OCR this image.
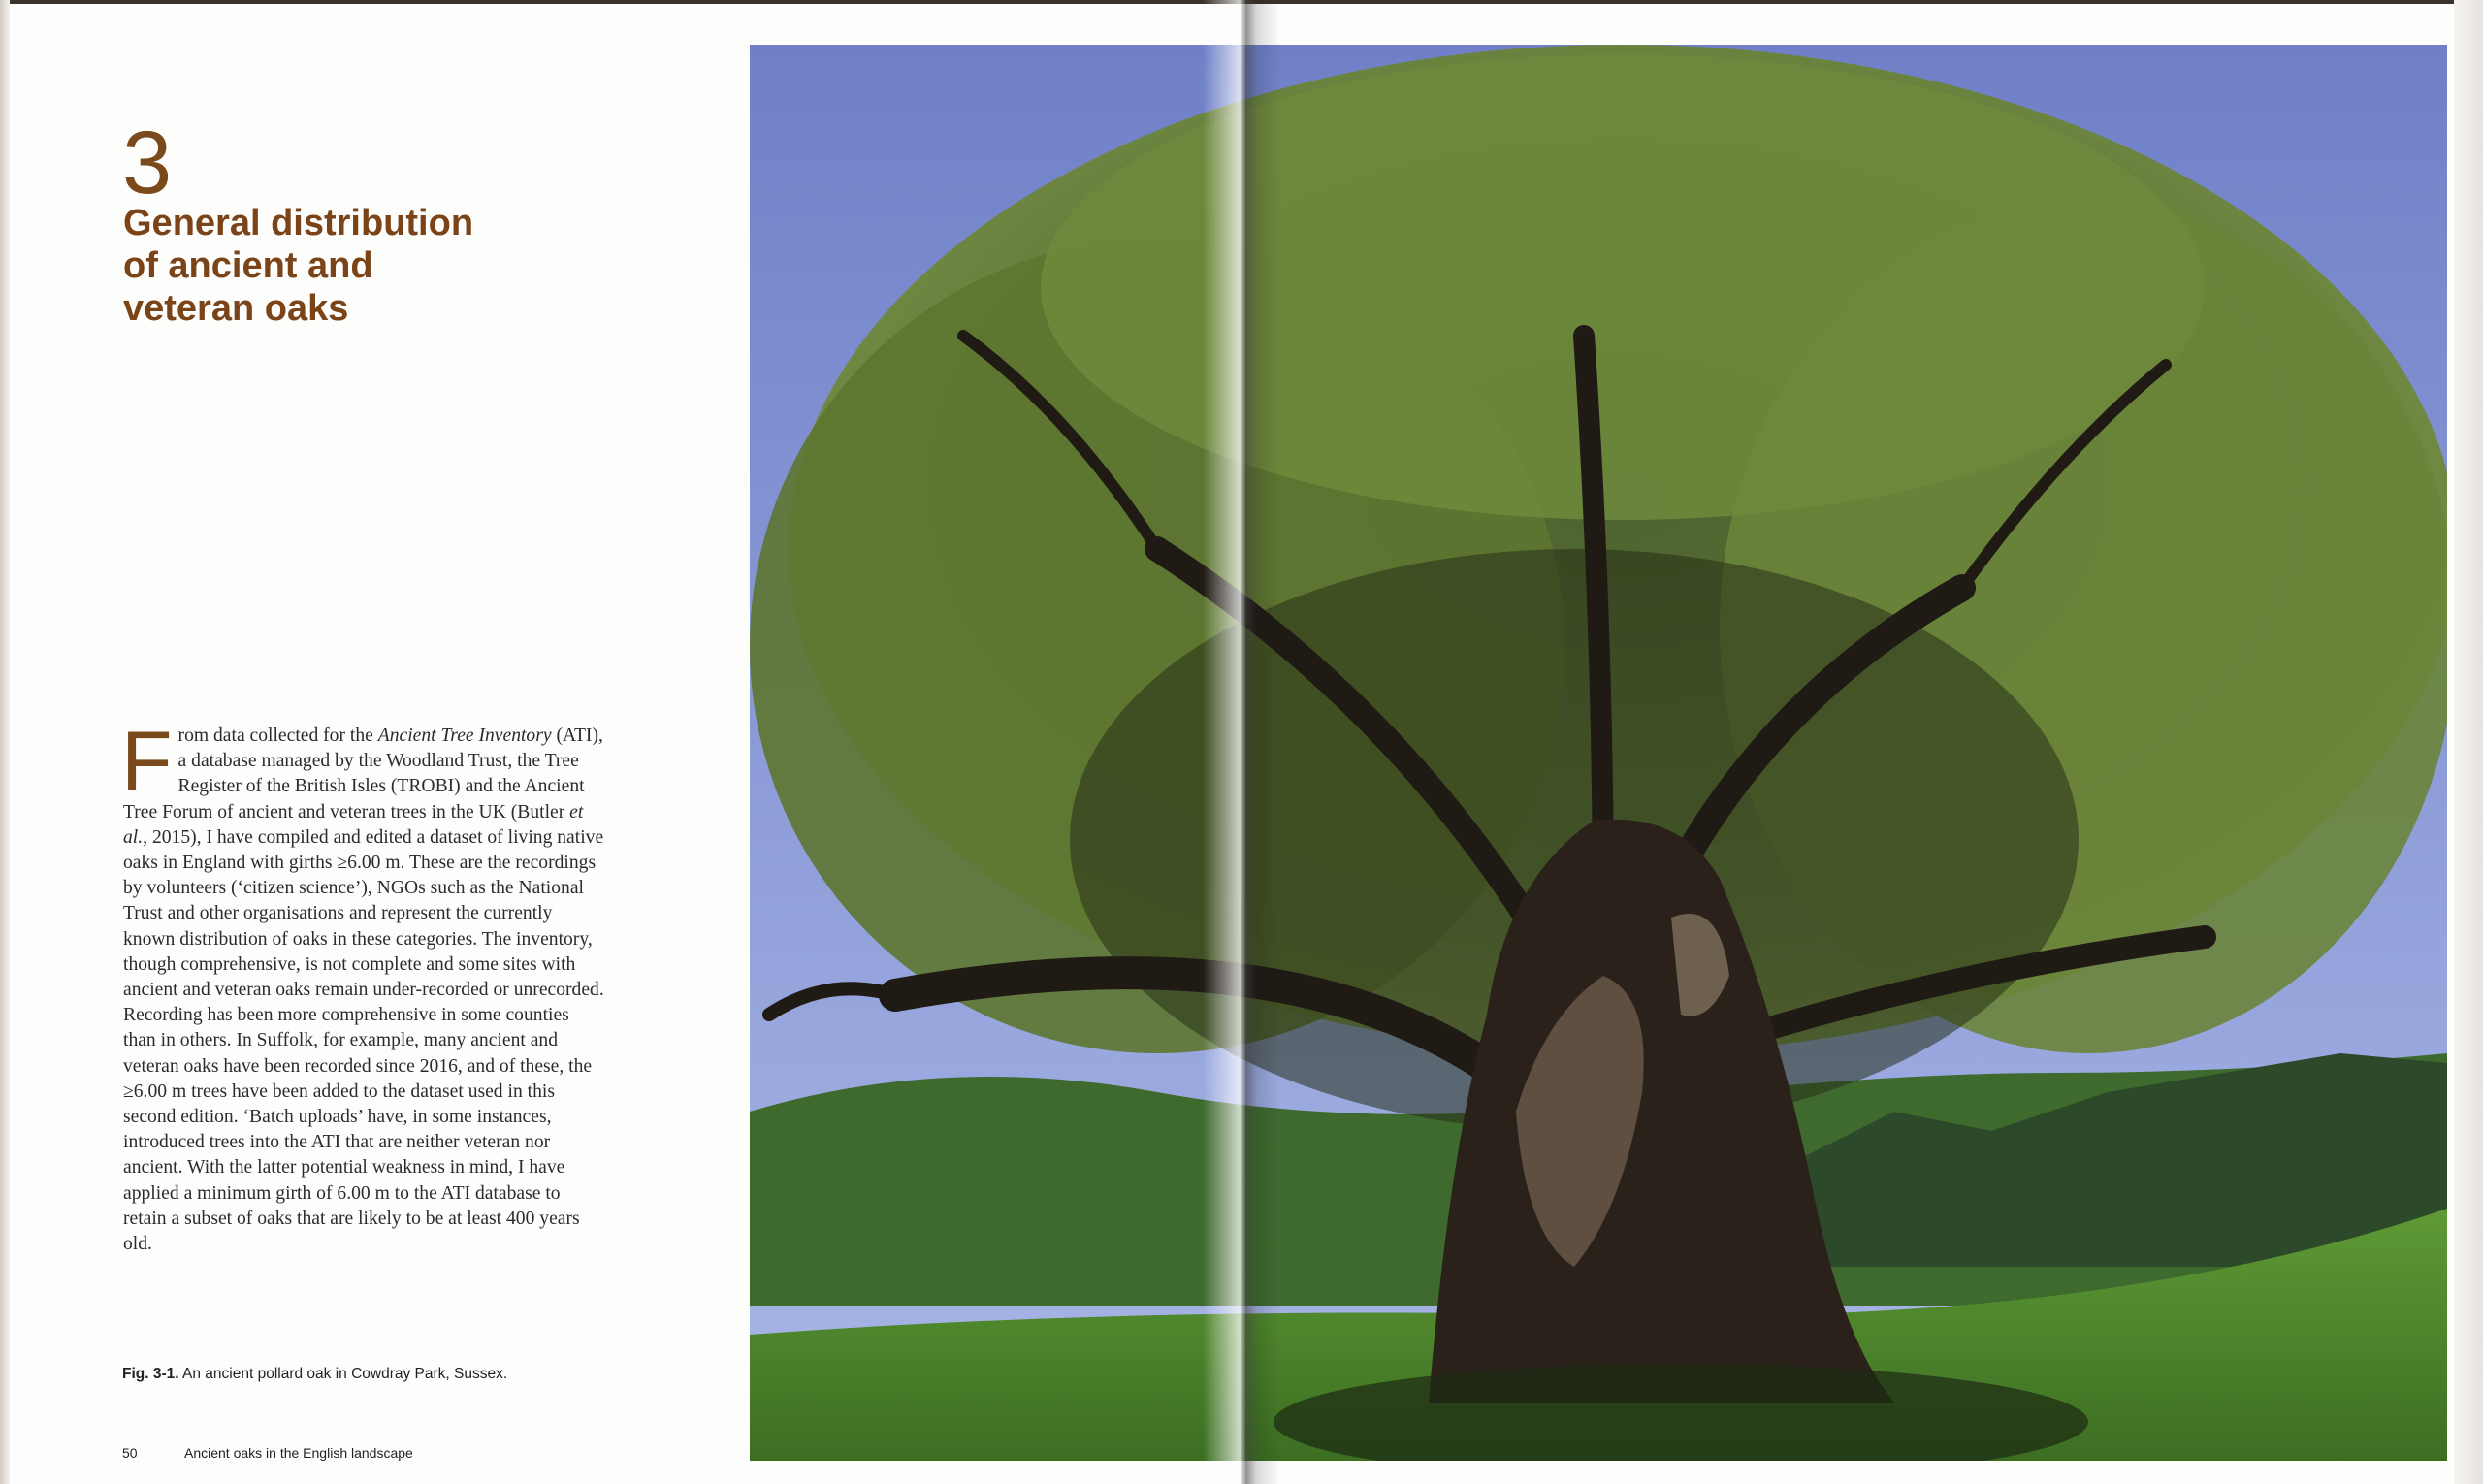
3

General distribution
of ancient and
veteran oaks

From data collected for the Ancient Tree Inventory (ATI), a database managed by the Woodland Trust, the Tree Register of the British Isles (TROBI) and the Ancient Tree Forum of ancient and veteran trees in the UK (Butler et al., 2015), I have compiled and edited a dataset of living native oaks in England with girths ≥6.00 m. These are the recordings by volunteers (‘citizen science’), NGOs such as the National Trust and other organisations and represent the currently known distribution of oaks in these categories. The inventory, though comprehensive, is not complete and some sites with ancient and veteran oaks remain under-recorded or unrecorded. Recording has been more comprehensive in some counties than in others. In Suffolk, for example, many ancient and veteran oaks have been recorded since 2016, and of these, the ≥6.00 m trees have been added to the dataset used in this second edition. ‘Batch uploads’ have, in some instances, introduced trees into the ATI that are neither veteran nor ancient. With the latter potential weakness in mind, I have applied a minimum girth of 6.00 m to the ATI database to retain a subset of oaks that are likely to be at least 400 years old.

Fig. 3-1. An ancient pollard oak in Cowdray Park, Sussex.

50	Ancient oaks in the English landscape
